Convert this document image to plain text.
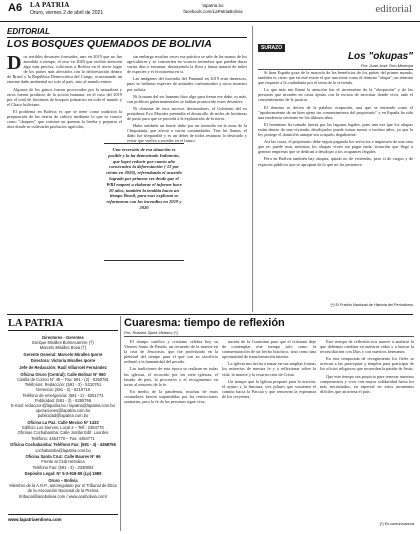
A6 LA PATRIA
Oruro, viernes 2 de abril de 2021
lapatria.bo
facebook.com/LaPatriaBolivia	editorial
EDITORIAL
LOS BOSQUES QUEMADOS DE BOLIVIA

Dos terribles desastres forestales, uno en 2019 que no fue atendido a tiempo, el otro en 2020 que recibió atención algo más precisa, colocaron a Bolivia en el tercer lugar de los países más afectados con la deforestación dentro de Brasil y la República Democrática del Congo, ocasionando un enorme daño ambiental no solo al país, sino al mundo entero.

Algunos de los gastos fueron provocados por la naturaleza y otros fueron producto de la acción humana; en el caso del 2019 por el total de hectáreas de bosques primarios en todo el mundo y el Chaco boliviano.

El problema en Bolivia es que se tiene como tradición la preparación de las tierras de cultivo mediante lo que se conoce como "chaqueo" que consiste en quemar la hierba y preparar el área donde se cultivarán productos agrícolas,

sin embargo muchas veces esa práctica se sale de las manos de los agricultores y se convierten en voraces incendios que pueden durar varias días o semanas, destruyendo la flora y fauna natural de miles de especies y el ecosistema en sí.

Las imágenes del incendio del Pantanal en 2019 eran dantescas, pues se hallaron especies de animales carbonizados y otros muertos por asfixia.

Ni la mano del ser humano hizo algo para frenar ese daño, es más, con políticas gubernamentales se habían promovido estos desastres.

Ni obstante de esos sucesos devastadores, el Gobierno del ex presidente Evo Morales pretendía el desarrollo de miles de hectáreas de pasto para que se proceda a la explotación de la tierra.

Hubo también un fuerte daño por un incendio en la zona de la Chiquitanía, que afectó a varias comunidades. Tras las llamas, el daño fue irreparable y es un deber de todos restaurar lo destruido y evitar que vuelva a suceder en el futuro.

Una reversión de esa situación es posible y la ha demostrado Indonesia, que logró reducir por cuarto año consecutivo la deforestación (-12 por ciento en 2020), refrendando el acuerdo logrado por primera vez desde que el WRI empezó a elaborar el informe hace 20 años, también la tendida hacia un tiempo Brasil, para esas exploran se reformaron con los incendios en 2019 y 2020
SURAZO
Los "okupas"
Por: Juan José Toro Montoya

Si bien España goza de la mayoría de los beneficios de los países del primer mundo, también es cierto que en este existe el que uno tiene como el término "okupa", un término que inquietó a la ciudadanía por el tema de la vivienda.

La que más me llamó la atención fue el incremento de la "okupación" y de las personas que invaden en casas ajenas con la excusa de necesitar donde vivir, ante el consentimiento de la justicia.

El término se deriva de la palabra ocupación, una que se entiende como el "apoderamiento de un bien ajeno sin consentimiento del propietario" y en España ha sido una tendencia creciente en los últimos años.

El fenómeno ha tomado fuerza por las lagunas legales, pues una vez que los okupas están dentro de una vivienda, desalojarlos puede tomar meses o incluso años, ya que la ley protege el domicilio aunque sea ocupado ilegalmente.

Así las cosas, el propietario debe seguir pagando los servicios e impuestos de una casa que no puede usar, mientras los okupas viven sin pagar nada, situación que llegó a generar empresas que se dedican a desalojar a los ocupantes ilegales.

Pero en Bolivia también hay okupas, quizás no de viviendas, pero sí de cargos y de espacios públicos que se apropian de lo que no les pertenece.

(*) El Pueblo Nacional de Historia del Periodismo
LA PATRIA
Directores - Gerentes
Enrique Miralles Bonnecarrere (†)
Marcelo Miralles Bova (†)
Gerente General: Marcelo Miralles Iporre
Directora: Victoria Miralles Iporre
Jefe de Redacción: Raúl Villarroel Fernández
Oficina Oruro (Central): Calle Bolívar N° 960
Casilla de Correo N° 48 – Fax: 591 - (2) - 5250781
Teléfonos: Redacción: (591 - 2) - 5210761
Gerencia: (591 - 2) - 5210718
Teléfono de emergencia: (591 - 2) - 5251774
Publicidad: (591 - 2) - 5255766
E-mail: redaccion@lapatria.bo / lapatria@lapatria.com.bo
operaciones@lapatria.com.bo
publicidad@lapatria.com.bo
Oficina La Paz: Calle Mexico N° 1433
Edificio Los Siervos, Local 2 – Telf.: 2484778
Oficinas Cochabamba: Calle Jordán Edif. Lourdes
Teléfono: 4454770 – Fax: 4454771
Oficina Cochabamba: Teléfono Fax: (591 - 4) - 4458756
cochabamba@lapatria.com.bo
Oficina Santa Cruz: Calle Baures N° 66
Frente al Club Hebraica
Teléfono Fax: (591 - 3) - 3330803
Depósito Legal: N° 5-3-918-89 (Lp) 1989
Oruro – Bolivia
Miembro de la A.N.P., autoregulado por el Tribunal de Ética de la Asociación Nacional de la Prensa
(tribunal@anpbolivia.com / www.anpbolivia.com)
www.lapatriaenlinea.com
Cuaresma: tiempo de reflexión
Por: Rosario Sjuez Velasco (*)

El tiempo católico y cristiano celebra hoy su Viernes Santo de Pasión, un recuerdo de la muerte en la cruz de Jesucristo, que fue profetizado en la plenitud del tiempo para el que con su sacrificio redimió a la humanidad del pecado.

Las tradiciones de esta época se realizan en todas las iglesias, el recorrido por las siete iglesias, el lavado de pies, la procesión y el recogimiento en torno al misterio de la fe.

En medio de la pandemia, muchas de estas costumbres fueron suspendidas por las restricciones sanitarias, pero la fe de las personas sigue viva.

nación de la Cuaresma para que el cristiano deje de contemplar este tiempo solo como la conmemoración de un hecho histórico, sino como una oportunidad de transformación interior.

La iglesia nos invita a tomar en sus amplias formas los misterios de nuestra fe y a reflexionar sobre la vida, la muerte y la resurrección de Cristo.

Un tiempo que la Iglesia propone para la oración, el ayuno y la limosna, tres pilares que sostienen el camino hacia la Pascua y que renuevan la esperanza de los creyentes.

Este tiempo de reflexión nos mueve a analizar lo que debemos cambiar en nuestras vidas y a buscar la reconciliación con Dios y con nuestros hermanos.

En esta temporada de recogimiento los fieles se acercan a las parroquias y templos para participar de los oficios religiosos que recuerdan la pasión de Jesús.

Que este tiempo sea propicio para renovar nuestros compromisos y vivir con mayor solidaridad hacia los más necesitados, en especial en estos momentos difíciles que atraviesa el país.

(*) Es comunicadora
